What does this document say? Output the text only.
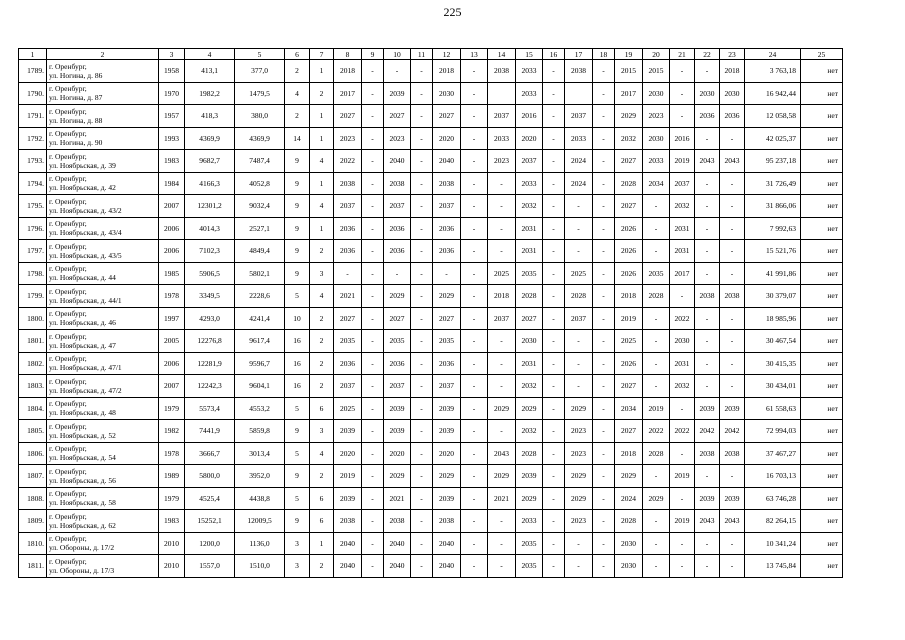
225
1	2	3	4	5	6	7	8	9	10	11	12	13	14	15	16	17	18	19	20	21	22	23	24	25
1789.	г. Оренбург,
ул. Ногина, д. 86	1958	413,1	377,0	2	1	2018	-	-	-	2018	-	2038	2033	-	2038	-	2015	2015	-	-	2018	3 763,18	нет
1790.	г. Оренбург,
ул. Ногина, д. 87	1970	1982,2	1479,5	4	2	2017	-	2039	-	2030	-		2033	-		-	2017	2030	-	2030	2030	16 942,44	нет
1791.	г. Оренбург,
ул. Ногина, д. 88	1957	418,3	380,0	2	1	2027	-	2027	-	2027	-	2037	2016	-	2037	-	2029	2023	-	2036	2036	12 058,58	нет
1792.	г. Оренбург,
ул. Ногина, д. 90	1993	4369,9	4369,9	14	1	2023	-	2023	-	2020	-	2033	2020	-	2033	-	2032	2030	2016	-	-	42 025,37	нет
1793.	г. Оренбург,
ул. Ноябрьская, д. 39	1983	9682,7	7487,4	9	4	2022	-	2040	-	2040	-	2023	2037	-	2024	-	2027	2033	2019	2043	2043	95 237,18	нет
1794.	г. Оренбург,
ул. Ноябрьская, д. 42	1984	4166,3	4052,8	9	1	2038	-	2038	-	2038	-	-	2033	-	2024	-	2028	2034	2037	-	-	31 726,49	нет
1795.	г. Оренбург,
ул. Ноябрьская, д. 43/2	2007	12301,2	9032,4	9	4	2037	-	2037	-	2037	-	-	2032	-	-	-	2027	-	2032	-	-	31 866,06	нет
1796.	г. Оренбург,
ул. Ноябрьская, д. 43/4	2006	4014,3	2527,1	9	1	2036	-	2036	-	2036	-	-	2031	-	-	-	2026	-	2031	-	-	7 992,63	нет
1797.	г. Оренбург,
ул. Ноябрьская, д. 43/5	2006	7102,3	4849,4	9	2	2036	-	2036	-	2036	-	-	2031	-	-	-	2026	-	2031	-	-	15 521,76	нет
1798.	г. Оренбург,
ул. Ноябрьская, д. 44	1985	5906,5	5802,1	9	3	-	-	-	-	-	-	2025	2035	-	2025	-	2026	2035	2017	-	-	41 991,86	нет
1799.	г. Оренбург,
ул. Ноябрьская, д. 44/1	1978	3349,5	2228,6	5	4	2021	-	2029	-	2029	-	2018	2028	-	2028	-	2018	2028	-	2038	2038	30 379,07	нет
1800.	г. Оренбург,
ул. Ноябрьская, д. 46	1997	4293,0	4241,4	10	2	2027	-	2027	-	2027	-	2037	2027	-	2037	-	2019	-	2022	-	-	18 985,96	нет
1801.	г. Оренбург,
ул. Ноябрьская, д. 47	2005	12276,8	9617,4	16	2	2035	-	2035	-	2035	-	-	2030	-	-	-	2025	-	2030	-	-	30 467,54	нет
1802.	г. Оренбург,
ул. Ноябрьская, д. 47/1	2006	12281,9	9596,7	16	2	2036	-	2036	-	2036	-	-	2031	-	-	-	2026	-	2031	-	-	30 415,35	нет
1803.	г. Оренбург,
ул. Ноябрьская, д. 47/2	2007	12242,3	9604,1	16	2	2037	-	2037	-	2037	-	-	2032	-	-	-	2027	-	2032	-	-	30 434,01	нет
1804.	г. Оренбург,
ул. Ноябрьская, д. 48	1979	5573,4	4553,2	5	6	2025	-	2039	-	2039	-	2029	2029	-	2029	-	2034	2019	-	2039	2039	61 558,63	нет
1805.	г. Оренбург,
ул. Ноябрьская, д. 52	1982	7441,9	5859,8	9	3	2039	-	2039	-	2039	-	-	2032	-	2023	-	2027	2022	2022	2042	2042	72 994,03	нет
1806.	г. Оренбург,
ул. Ноябрьская, д. 54	1978	3666,7	3013,4	5	4	2020	-	2020	-	2020	-	2043	2028	-	2023	-	2018	2028	-	2038	2038	37 467,27	нет
1807.	г. Оренбург,
ул. Ноябрьская, д. 56	1989	5800,0	3952,0	9	2	2019	-	2029	-	2029	-	2029	2039	-	2029	-	2029	-	2019	-	-	16 703,13	нет
1808.	г. Оренбург,
ул. Ноябрьская, д. 58	1979	4525,4	4438,8	5	6	2039	-	2021	-	2039	-	2021	2029	-	2029	-	2024	2029	-	2039	2039	63 746,28	нет
1809.	г. Оренбург,
ул. Ноябрьская, д. 62	1983	15252,1	12009,5	9	6	2038	-	2038	-	2038	-	-	2033	-	2023	-	2028	-	2019	2043	2043	82 264,15	нет
1810.	г. Оренбург,
ул. Обороны, д. 17/2	2010	1200,0	1136,0	3	1	2040	-	2040	-	2040	-	-	2035	-	-	-	2030	-	-	-	-	10 341,24	нет
1811.	г. Оренбург,
ул. Обороны, д. 17/3	2010	1557,0	1510,0	3	2	2040	-	2040	-	2040	-	-	2035	-	-	-	2030	-	-	-	-	13 745,84	нет
